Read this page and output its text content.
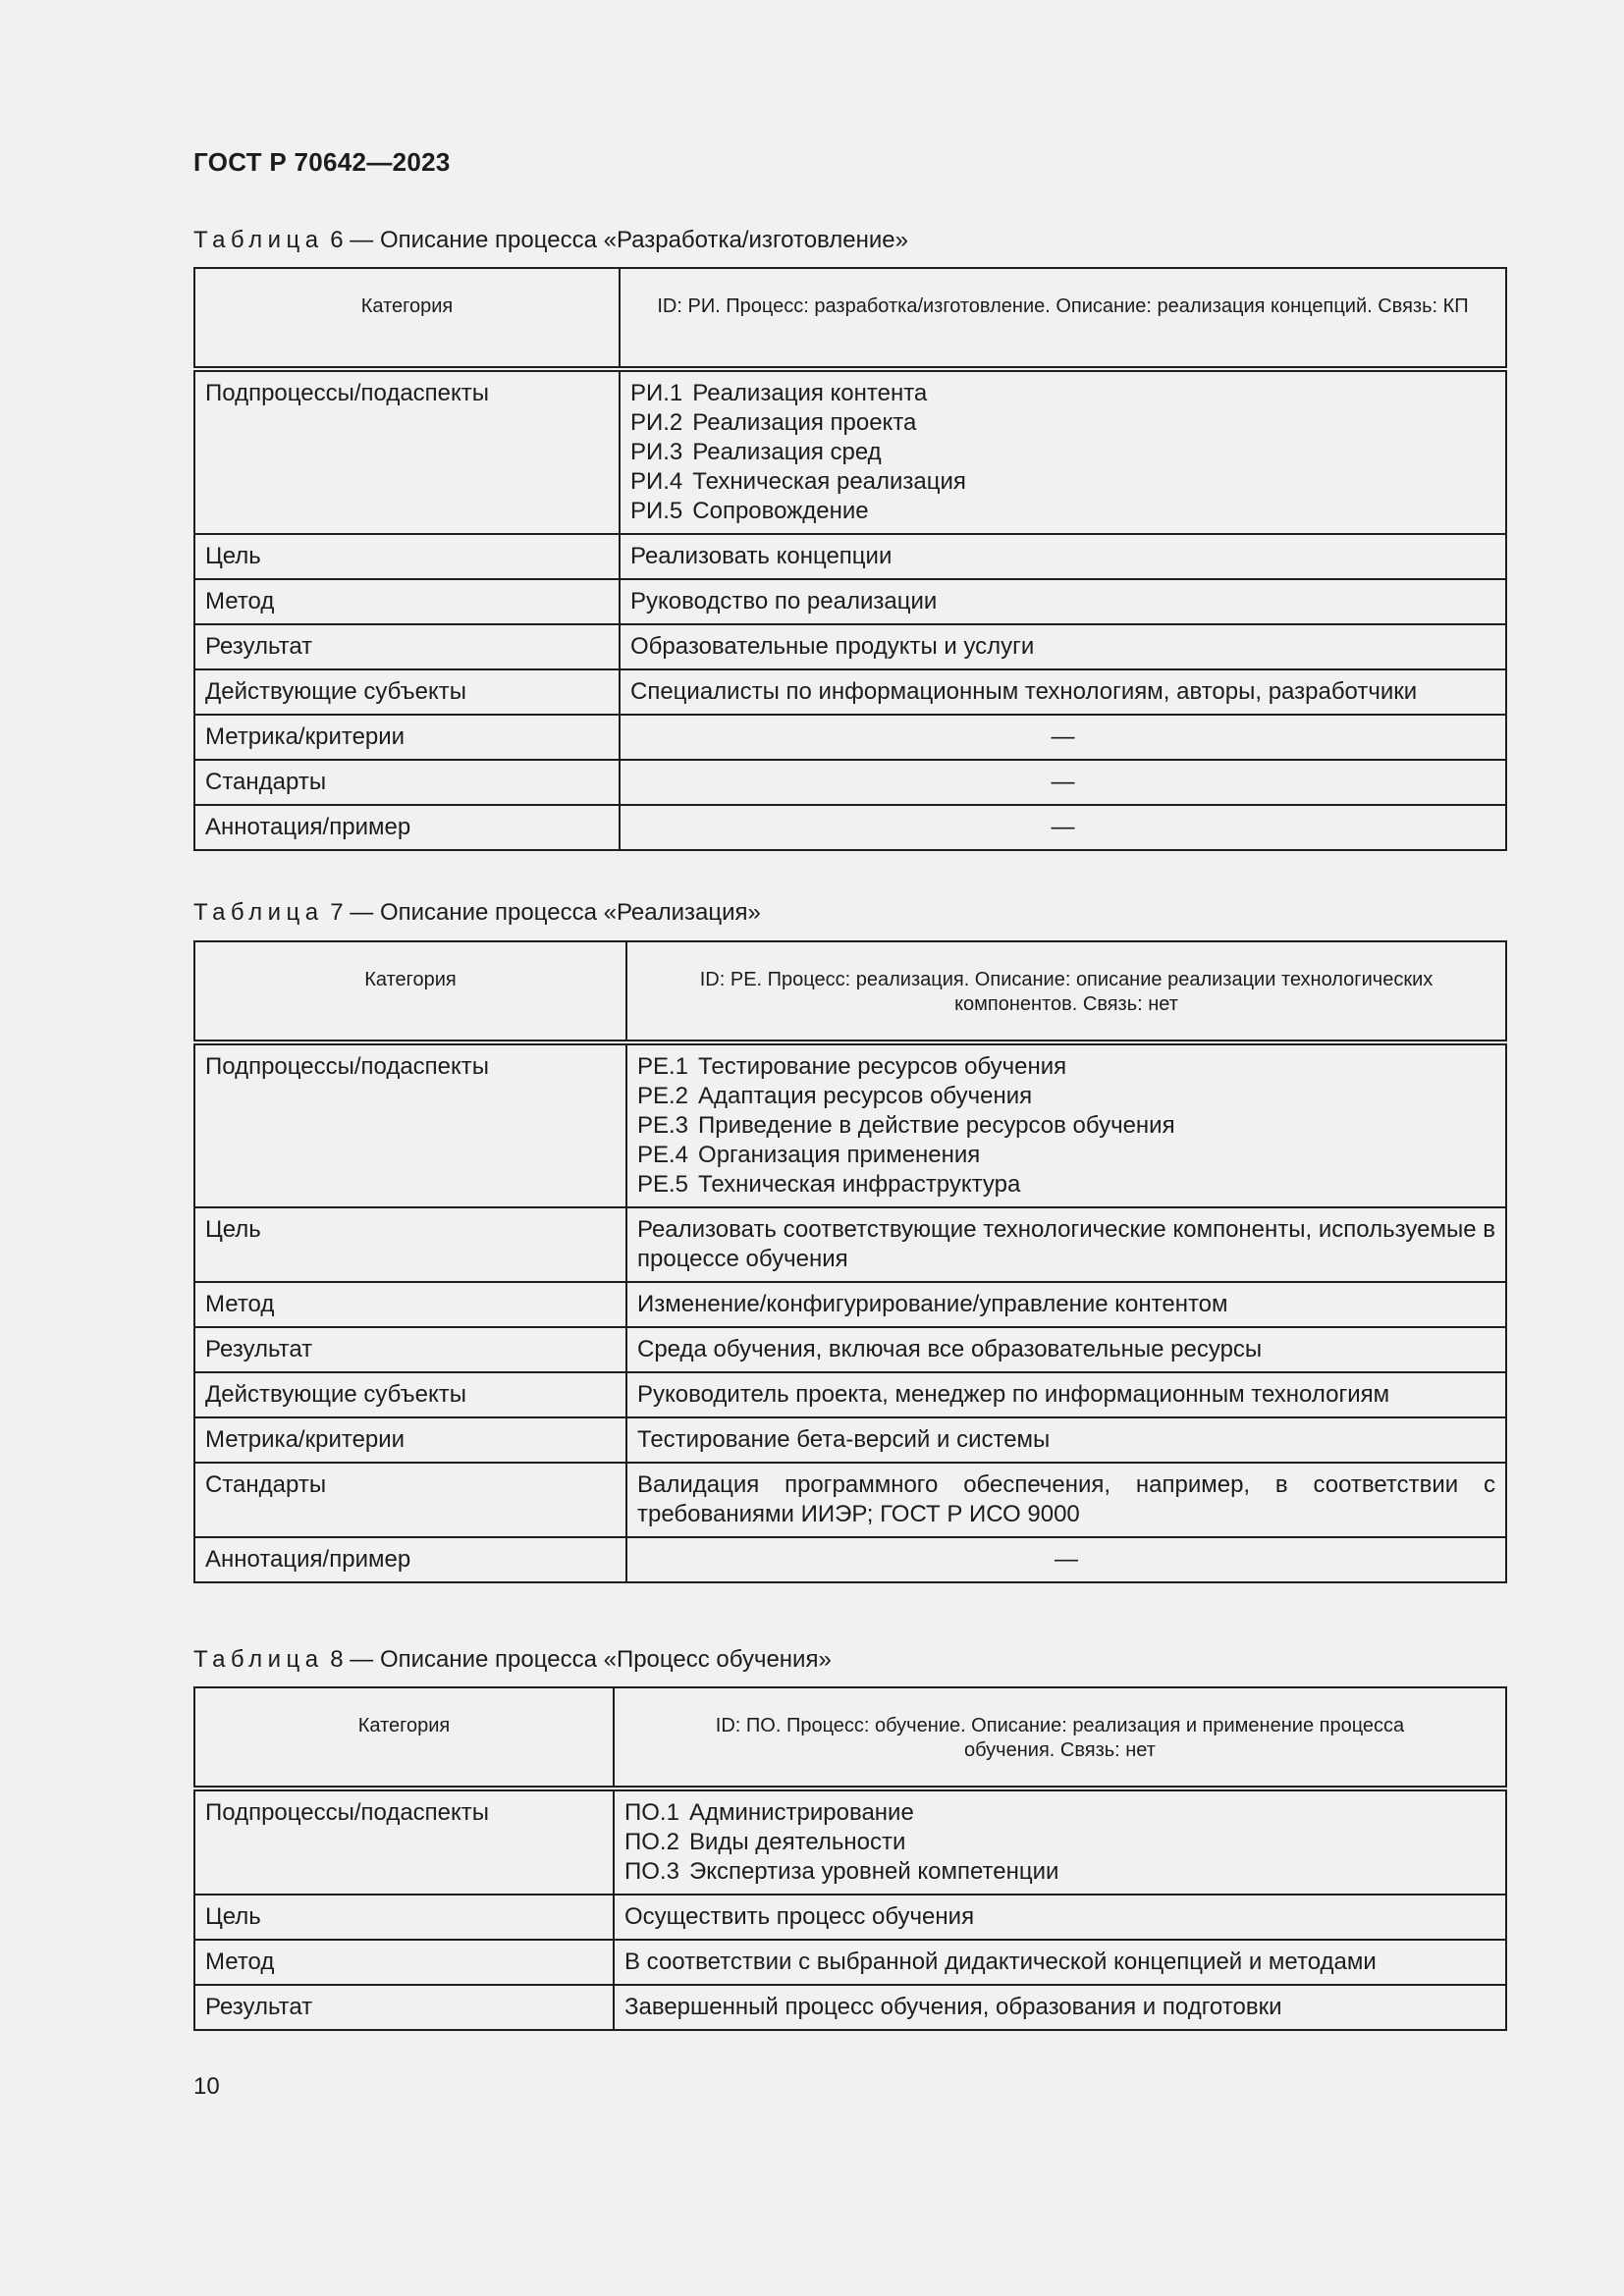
ГОСТ Р 70642—2023
Таблица 6 — Описание процесса «Разработка/изготовление»
Категория	ID: РИ. Процесс: разработка/изготовление. Описание: реализация концепций. Связь: КП
Подпроцессы/подаспекты	РИ.1 Реализация контента
РИ.2 Реализация проекта
РИ.3 Реализация сред
РИ.4 Техническая реализация
РИ.5 Сопровождение

Цель	Реализовать концепции
Метод	Руководство по реализации
Результат	Образовательные продукты и услуги
Действующие субъекты	Специалисты по информационным технологиям, авторы, разработчики
Метрика/критерии	—
Стандарты	—
Аннотация/пример	—
Таблица 7 — Описание процесса «Реализация»
Категория	ID: РЕ. Процесс: реализация. Описание: описание реализации технологических компонентов. Связь: нет
Подпроцессы/подаспекты	РЕ.1 Тестирование ресурсов обучения
РЕ.2 Адаптация ресурсов обучения
РЕ.3 Приведение в действие ресурсов обучения
РЕ.4 Организация применения
РЕ.5 Техническая инфраструктура

Цель	Реализовать соответствующие технологические компоненты, используемые в процессе обучения
Метод	Изменение/конфигурирование/управление контентом
Результат	Среда обучения, включая все образовательные ресурсы
Действующие субъекты	Руководитель проекта, менеджер по информационным технологиям
Метрика/критерии	Тестирование бета-версий и системы
Стандарты	Валидация программного обеспечения, например, в соответствии с требованиями ИИЭР; ГОСТ Р ИСО 9000
Аннотация/пример	—
Таблица 8 — Описание процесса «Процесс обучения»
Категория	ID: ПО. Процесс: обучение. Описание: реализация и применение процесса обучения. Связь: нет
Подпроцессы/подаспекты	ПО.1 Администрирование
ПО.2 Виды деятельности
ПО.3 Экспертиза уровней компетенции

Цель	Осуществить процесс обучения
Метод	В соответствии с выбранной дидактической концепцией и методами
Результат	Завершенный процесс обучения, образования и подготовки
10
